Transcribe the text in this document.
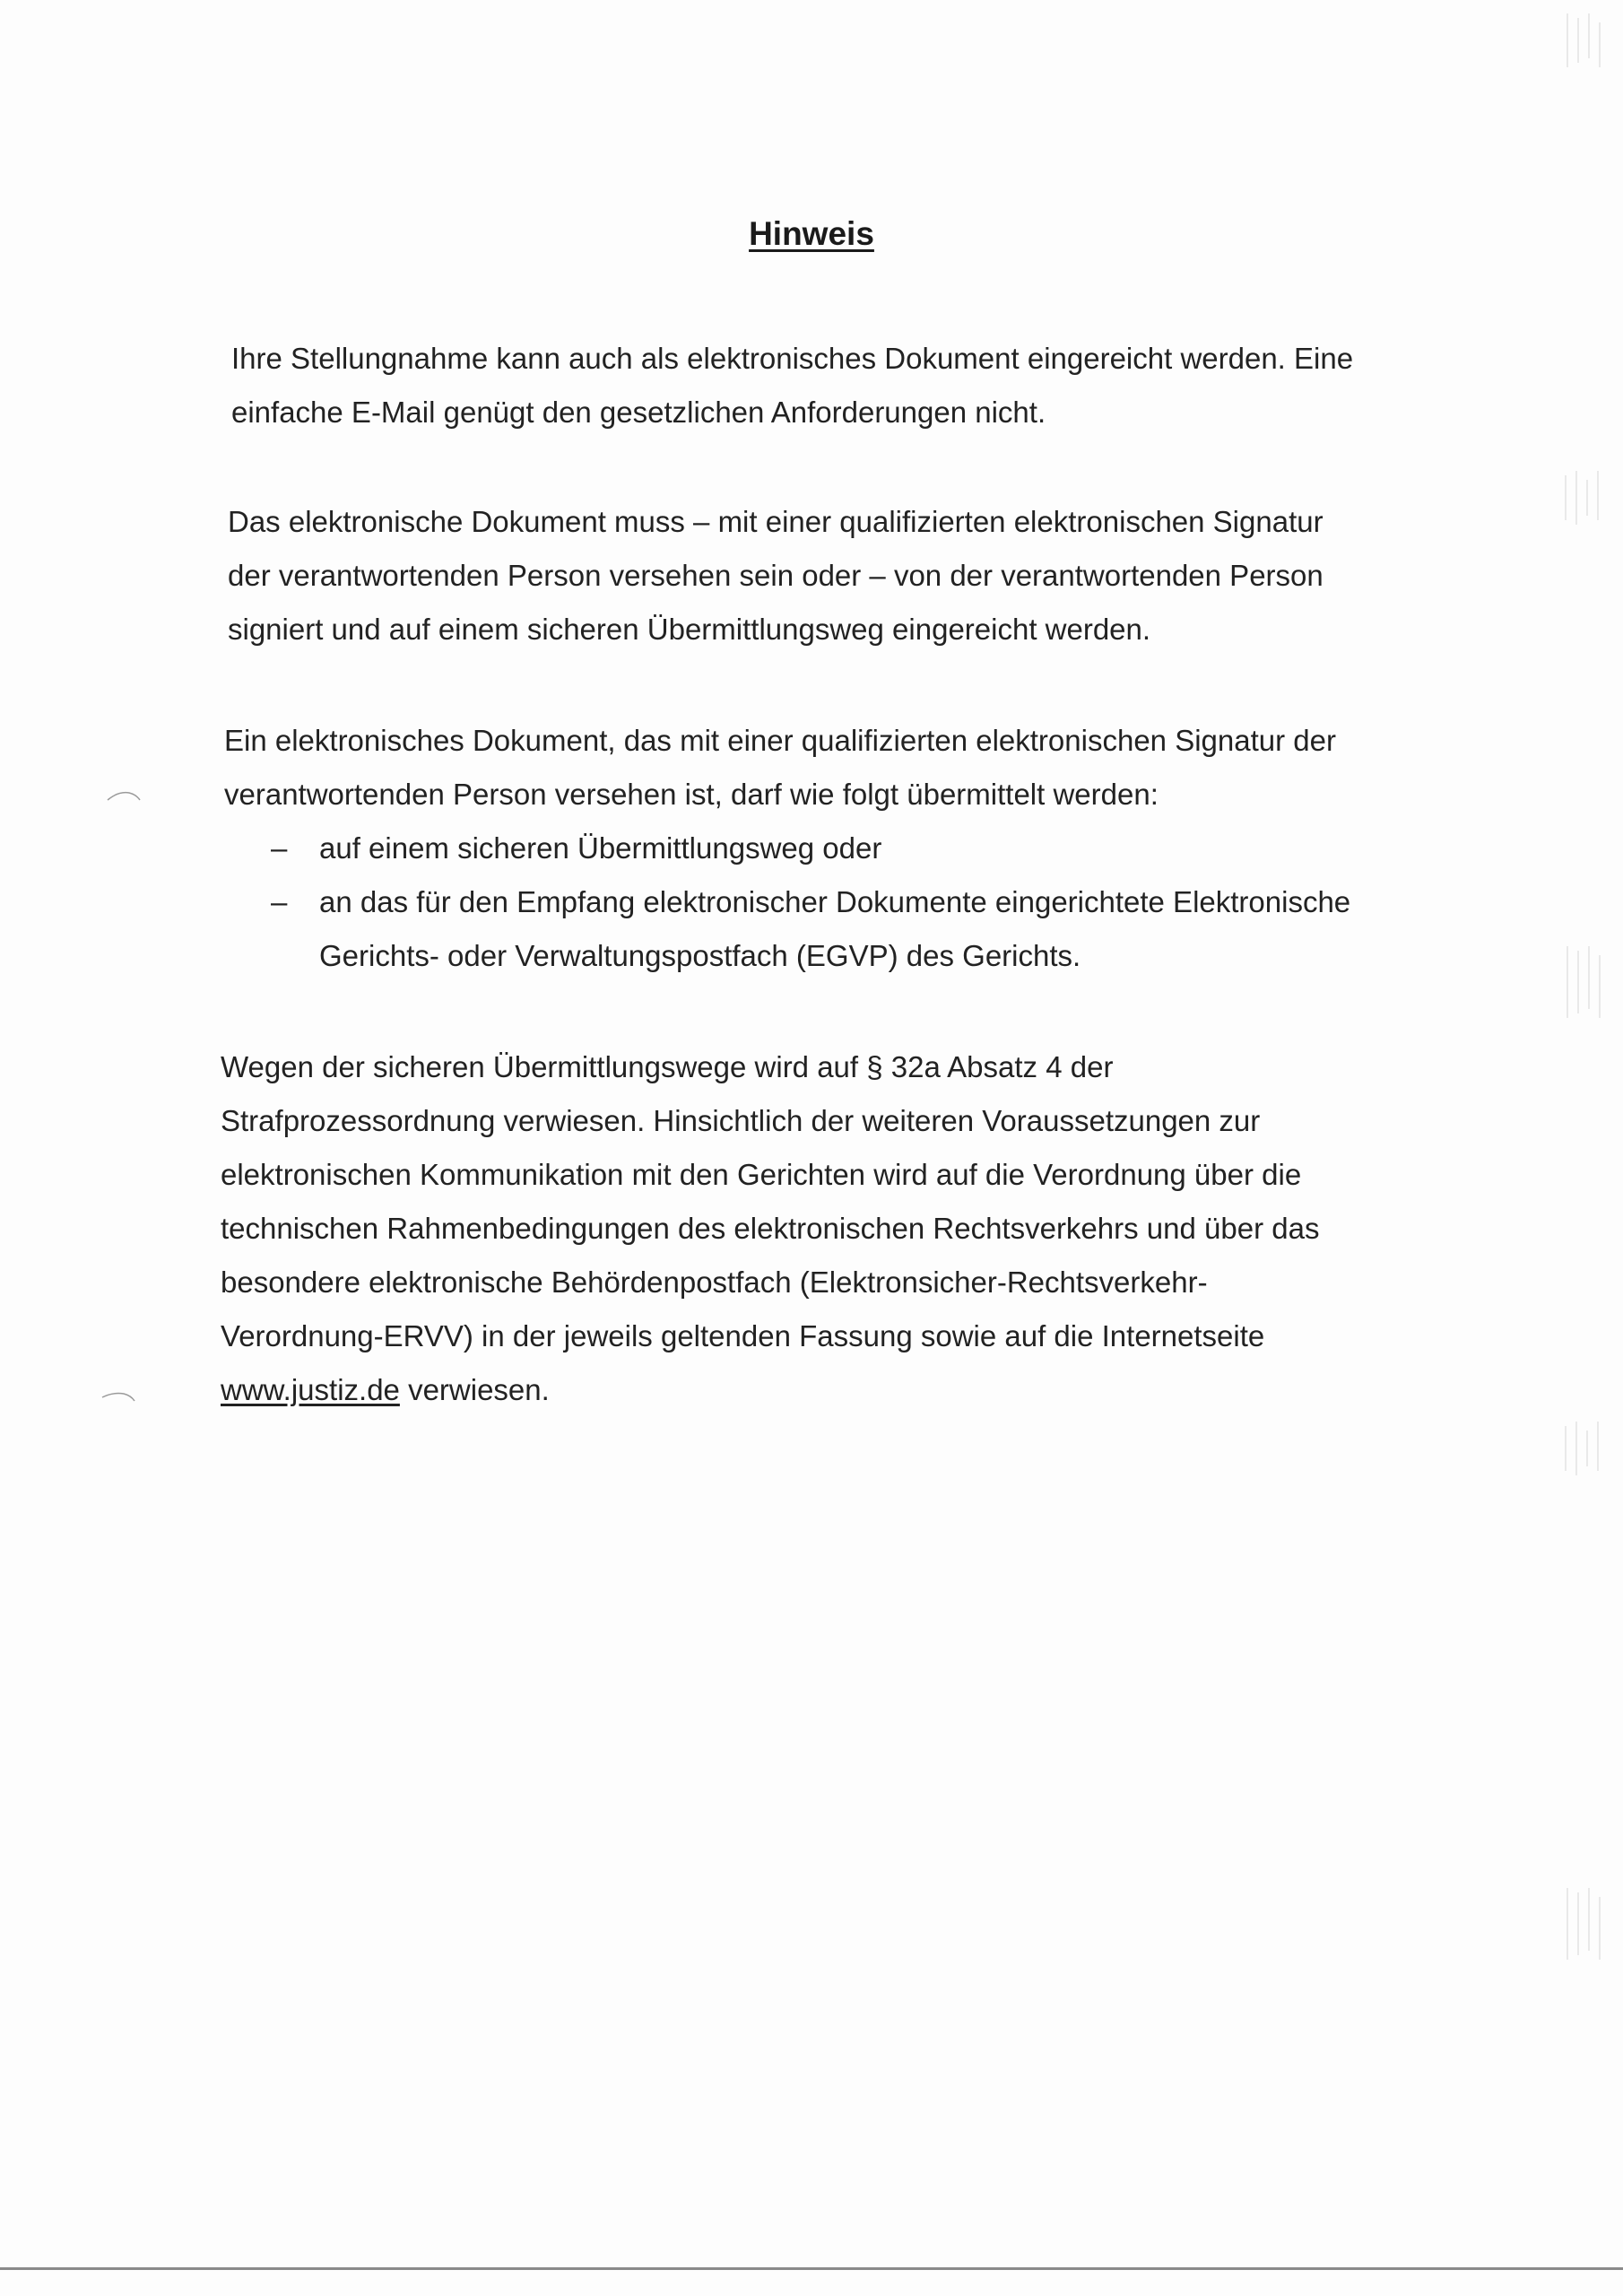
Hinweis

Ihre Stellungnahme kann auch als elektronisches Dokument eingereicht werden. Eine
einfache E-Mail genügt den gesetzlichen Anforderungen nicht.

Das elektronische Dokument muss – mit einer qualifizierten elektronischen Signatur
der verantwortenden Person versehen sein oder – von der verantwortenden Person
signiert und auf einem sicheren Übermittlungsweg eingereicht werden.

Ein elektronisches Dokument, das mit einer qualifizierten elektronischen Signatur der
verantwortenden Person versehen ist, darf wie folgt übermittelt werden:

– auf einem sicheren Übermittlungsweg oder
– an das für den Empfang elektronischer Dokumente eingerichtete Elektronische
Gerichts- oder Verwaltungspostfach (EGVP) des Gerichts.

Wegen der sicheren Übermittlungswege wird auf § 32a Absatz 4 der
Strafprozessordnung verwiesen. Hinsichtlich der weiteren Voraussetzungen zur
elektronischen Kommunikation mit den Gerichten wird auf die Verordnung über die
technischen Rahmenbedingungen des elektronischen Rechtsverkehrs und über das
besondere elektronische Behördenpostfach (Elektronsicher-Rechtsverkehr-
Verordnung-ERVV) in der jeweils geltenden Fassung sowie auf die Internetseite
www.justiz.de verwiesen.
